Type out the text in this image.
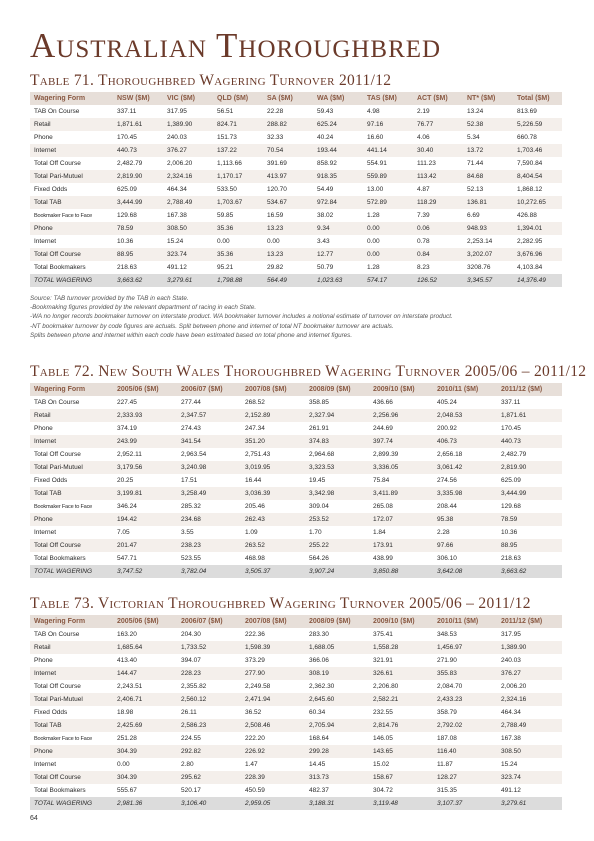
Australian Thoroughbred
Table 71. Thoroughbred Wagering Turnover 2011/12
Wagering Form	NSW ($M)	VIC ($M)	QLD ($M)	SA ($M)	WA ($M)	TAS ($M)	ACT ($M)	NT* ($M)	Total ($M)
TAB On Course	337.11	317.95	56.51	22.28	59.43	4.98	2.19	13.24	813.69
Retail	1,871.61	1,389.90	824.71	288.82	625.24	97.16	76.77	52.38	5,226.59
Phone	170.45	240.03	151.73	32.33	40.24	16.60	4.06	5.34	660.78
Internet	440.73	376.27	137.22	70.54	193.44	441.14	30.40	13.72	1,703.46
Total Off Course	2,482.79	2,006.20	1,113.66	391.69	858.92	554.91	111.23	71.44	7,590.84
Total Pari-Mutuel	2,819.90	2,324.16	1,170.17	413.97	918.35	559.89	113.42	84.68	8,404.54
Fixed Odds	625.09	464.34	533.50	120.70	54.49	13.00	4.87	52.13	1,868.12
Total TAB	3,444.99	2,788.49	1,703.67	534.67	972.84	572.89	118.29	136.81	10,272.65
Bookmaker Face to Face	129.68	167.38	59.85	16.59	38.02	1.28	7.39	6.69	426.88
Phone	78.59	308.50	35.36	13.23	9.34	0.00	0.06	948.93	1,394.01
Internet	10.36	15.24	0.00	0.00	3.43	0.00	0.78	2,253.14	2,282.95
Total Off Course	88.95	323.74	35.36	13.23	12.77	0.00	0.84	3,202.07	3,676.96
Total Bookmakers	218.63	491.12	95.21	29.82	50.79	1.28	8.23	3208.76	4,103.84
TOTAL WAGERING	3,663.62	3,279.61	1,798.88	564.49	1,023.63	574.17	126.52	3,345.57	14,376.49
Source: TAB turnover provided by the TAB in each State.
-Bookmaking figures provided by the relevant department of racing in each State.
-WA no longer records bookmaker turnover on interstate product. WA bookmaker turnover includes a notional estimate of turnover on interstate product.
-NT bookmaker turnover by code figures are actuals. Split between phone and internet of total NT bookmaker turnover are actuals.
Splits between phone and internet within each code have been estimated based on total phone and internet figures.
Table 72. New South Wales Thoroughbred Wagering Turnover 2005/06 – 2011/12
Wagering Form	2005/06 ($M)	2006/07 ($M)	2007/08 ($M)	2008/09 ($M)	2009/10 ($M)	2010/11 ($M)	2011/12 ($M)
TAB On Course	227.45	277.44	268.52	358.85	436.66	405.24	337.11
Retail	2,333.93	2,347.57	2,152.89	2,327.94	2,256.96	2,048.53	1,871.61
Phone	374.19	274.43	247.34	261.91	244.69	200.92	170.45
Internet	243.99	341.54	351.20	374.83	397.74	406.73	440.73
Total Off Course	2,952.11	2,963.54	2,751.43	2,964.68	2,899.39	2,656.18	2,482.79
Total Pari-Mutuel	3,179.56	3,240.98	3,019.95	3,323.53	3,336.05	3,061.42	2,819.90
Fixed Odds	20.25	17.51	16.44	19.45	75.84	274.56	625.09
Total TAB	3,199.81	3,258.49	3,036.39	3,342.98	3,411.89	3,335.98	3,444.99
Bookmaker Face to Face	346.24	285.32	205.46	309.04	265.08	208.44	129.68
Phone	194.42	234.68	262.43	253.52	172.07	95.38	78.59
Internet	7.05	3.55	1.09	1.70	1.84	2.28	10.36
Total Off Course	201.47	238.23	263.52	255.22	173.91	97.66	88.95
Total Bookmakers	547.71	523.55	468.98	564.26	438.99	306.10	218.63
TOTAL WAGERING	3,747.52	3,782.04	3,505.37	3,907.24	3,850.88	3,642.08	3,663.62
Table 73. Victorian Thoroughbred Wagering Turnover 2005/06 – 2011/12
Wagering Form	2005/06 ($M)	2006/07 ($M)	2007/08 ($M)	2008/09 ($M)	2009/10 ($M)	2010/11 ($M)	2011/12 ($M)
TAB On Course	163.20	204.30	222.36	283.30	375.41	348.53	317.95
Retail	1,685.64	1,733.52	1,598.39	1,688.05	1,558.28	1,456.97	1,389.90
Phone	413.40	394.07	373.29	366.06	321.91	271.90	240.03
Internet	144.47	228.23	277.90	308.19	326.61	355.83	376.27
Total Off Course	2,243.51	2,355.82	2,249.58	2,362.30	2,206.80	2,084.70	2,006.20
Total Pari-Mutuel	2,406.71	2,560.12	2,471.94	2,645.60	2,582.21	2,433.23	2,324.16
Fixed Odds	18.98	26.11	36.52	60.34	232.55	358.79	464.34
Total TAB	2,425.69	2,586.23	2,508.46	2,705.94	2,814.76	2,792.02	2,788.49
Bookmaker Face to Face	251.28	224.55	222.20	168.64	146.05	187.08	167.38
Phone	304.39	292.82	226.92	299.28	143.65	116.40	308.50
Internet	0.00	2.80	1.47	14.45	15.02	11.87	15.24
Total Off Course	304.39	295.62	228.39	313.73	158.67	128.27	323.74
Total Bookmakers	555.67	520.17	450.59	482.37	304.72	315.35	491.12
TOTAL WAGERING	2,981.36	3,106.40	2,959.05	3,188.31	3,119.48	3,107.37	3,279.61
64
